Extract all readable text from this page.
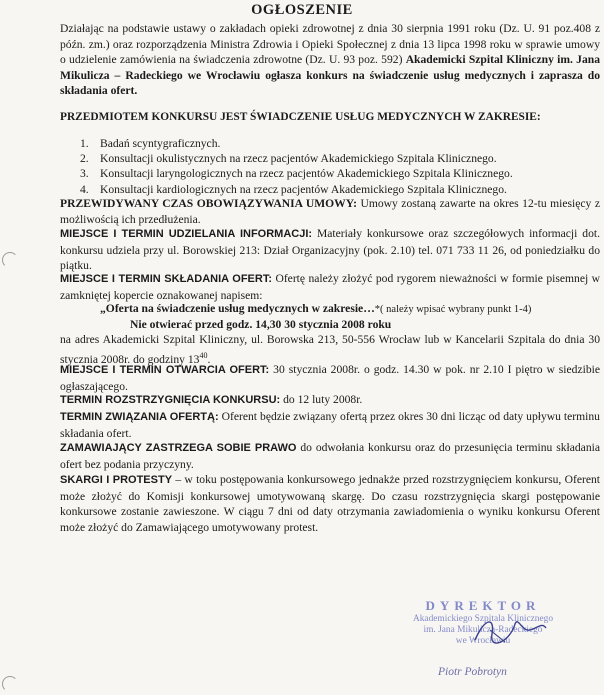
OGŁOSZENIE
Działając na podstawie ustawy o zakładach opieki zdrowotnej z dnia 30 sierpnia 1991 roku (Dz. U. 91 poz.408 z późn. zm.) oraz rozporządzenia Ministra Zdrowia i Opieki Społecznej z dnia 13 lipca 1998 roku w sprawie umowy o udzielenie zamówienia na świadczenia zdrowotne (Dz. U. 93 poz. 592) Akademicki Szpital Kliniczny im. Jana Mikulicza – Radeckiego we Wrocławiu ogłasza konkurs na świadczenie usług medycznych i zaprasza do składania ofert.
PRZEDMIOTEM KONKURSU JEST ŚWIADCZENIE USŁUG MEDYCZNYCH W ZAKRESIE:
1. Badań scyntygraficznych.
2. Konsultacji okulistycznych na rzecz pacjentów Akademickiego Szpitala Klinicznego.
3. Konsultacji laryngologicznych na rzecz pacjentów Akademickiego Szpitala Klinicznego.
4. Konsultacji kardiologicznych na rzecz pacjentów Akademickiego Szpitala Klinicznego.
PRZEWIDYWANY CZAS OBOWIĄZYWANIA UMOWY: Umowy zostaną zawarte na okres 12-tu miesięcy z możliwością ich przedłużenia.
MIEJSCE I TERMIN UDZIELANIA INFORMACJI: Materiały konkursowe oraz szczegółowych informacji dot. konkursu udziela przy ul. Borowskiej 213: Dział Organizacyjny (pok. 2.10) tel. 071 733 11 26, od poniedziałku do piątku.
MIEJSCE I TERMIN SKŁADANIA OFERT: Ofertę należy złożyć pod rygorem nieważności w formie pisemnej w zamkniętej kopercie oznakowanej napisem:
„Oferta na świadczenie usług medycznych w zakresie…*( należy wpisać wybrany punkt 1-4)
Nie otwierać przed godz. 14,30 30 stycznia 2008 roku
na adres Akademicki Szpital Kliniczny, ul. Borowska 213, 50-556 Wrocław lub w Kancelarii Szpitala do dnia 30 stycznia 2008r. do godziny $13^{40}$.
MIEJSCE I TERMIN OTWARCIA OFERT: 30 stycznia 2008r. o godz. 14.30 w pok. nr 2.10 I piętro w siedzibie ogłaszającego.
TERMIN ROZSTRZYGNIĘCIA KONKURSU: do 12 luty 2008r.
TERMIN ZWIĄZANIA OFERTĄ: Oferent będzie związany ofertą przez okres 30 dni licząc od daty upływu terminu składania ofert.
ZAMAWIAJĄCY ZASTRZEGA SOBIE PRAWO do odwołania konkursu oraz do przesunięcia terminu składania ofert bez podania przyczyny.
SKARGI I PROTESTY – w toku postępowania konkursowego jednakże przed rozstrzygnięciem konkursu, Oferent może złożyć do Komisji konkursowej umotywowaną skargę. Do czasu rozstrzygnięcia skargi postępowanie konkursowe zostanie zawieszone. W ciągu 7 dni od daty otrzymania zawiadomienia o wyniku konkursu Oferent może złożyć do Zamawiającego umotywowany protest.
DYREKTOR
Akademickiego Szpitala Klinicznego
im. Jana Mikulicza-Radeckiego
we Wrocławiu
Piotr Pobrotyn
